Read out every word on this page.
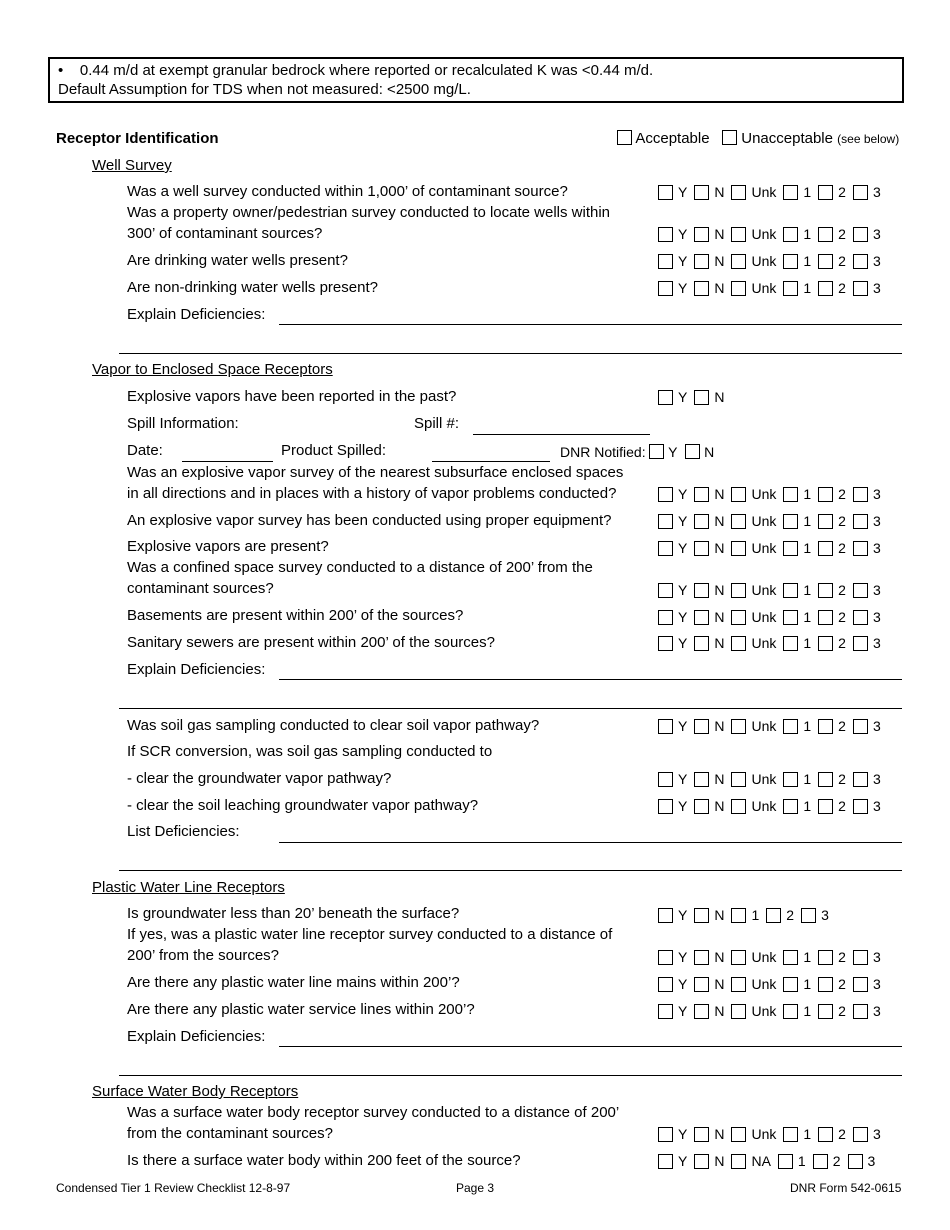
•    0.44 m/d at exempt granular bedrock where reported or recalculated K was <0.44 m/d.
Default Assumption for TDS when not measured: <2500 mg/L.
Receptor Identification	Acceptable Unacceptable (see below)
Well Survey
Was a well survey conducted within 1,000’ of contaminant source?	Y N Unk 1 2 3
Was a property owner/pedestrian survey conducted to locate wells within
300’ of contaminant sources?	Y N Unk 1 2 3
Are drinking water wells present?	Y N Unk 1 2 3
Are non-drinking water wells present?	Y N Unk 1 2 3
Explain Deficiencies:
Vapor to Enclosed Space Receptors
Explosive vapors have been reported in the past?	Y N
Spill Information:	Spill #:
Date:	Product Spilled:	DNR Notified: Y N
Was an explosive vapor survey of the nearest subsurface enclosed spaces
in all directions and in places with a history of vapor problems conducted?	Y N Unk 1 2 3
An explosive vapor survey has been conducted using proper equipment?	Y N Unk 1 2 3
Explosive vapors are present?	Y N Unk 1 2 3
Was a confined space survey conducted to a distance of 200’ from the
contaminant sources?	Y N Unk 1 2 3
Basements are present within 200’ of the sources?	Y N Unk 1 2 3
Sanitary sewers are present within 200’ of the sources?	Y N Unk 1 2 3
Explain Deficiencies:
Was soil gas sampling conducted to clear soil vapor pathway?	Y N Unk 1 2 3
If SCR conversion, was soil gas sampling conducted to
- clear the groundwater vapor pathway?	Y N Unk 1 2 3
- clear the soil leaching groundwater vapor pathway?	Y N Unk 1 2 3
List Deficiencies:
Plastic Water Line Receptors
Is groundwater less than 20’ beneath the surface?	Y N 1 2 3
If yes, was a plastic water line receptor survey conducted to a distance of
200’ from the sources?	Y N Unk 1 2 3
Are there any plastic water line mains within 200’?	Y N Unk 1 2 3
Are there any plastic water service lines within 200’?	Y N Unk 1 2 3
Explain Deficiencies:
Surface Water Body Receptors
Was a surface water body receptor survey conducted to a distance of 200’
from the contaminant sources?	Y N Unk 1 2 3
Is there a surface water body within 200 feet of the source?	Y N NA 1 2 3
Condensed Tier 1 Review Checklist 12-8-97	Page 3	DNR Form 542-0615
